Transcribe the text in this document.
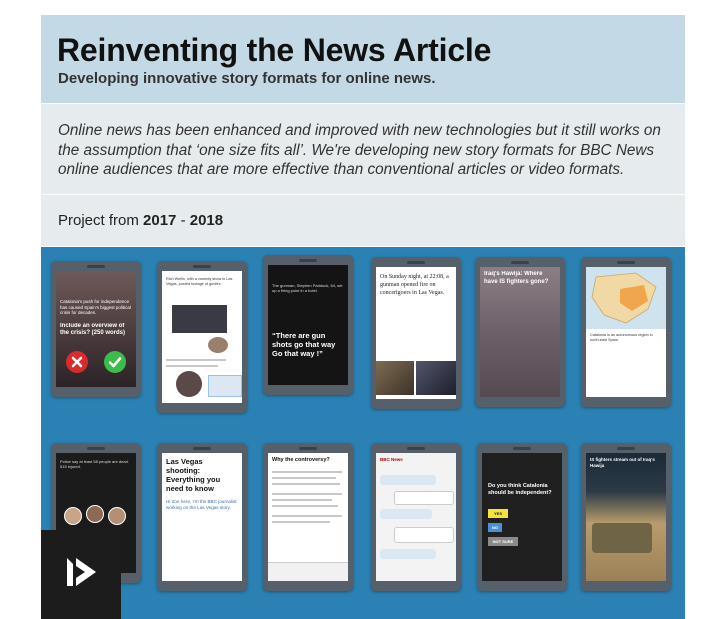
Reinventing the News Article
Developing innovative story formats for online news.

Online news has been enhanced and improved with new technologies but it still works on the assumption that ‘one size fits all’. We're developing new story formats for BBC News online audiences that are more effective than conventional articles or video formats.

Project from 2017 - 2018
Catalonia's push for independence has caused Spain's biggest political crisis for decades.
Include an overview of the crisis? (250 words)
Rich Wellin, with a comedy show in Las Vegas, posted footage of gunfire.	The gunman, Stephen Paddock, 64, set up a firing point in a hotel.
“There are gun shots go that way Go that way !”
On Sunday night, at 22:08, a gunman opened fire on concertgoers in Las Vegas.
Iraq's Hawija: Where have IS fighters gone?
Catalonia is an autonomous region in north-east Spain.
Police say at least 58 people are dead. 515 injured.
Las Vegas shooting: Everything you need to know
Hi Zoe here, I'm the BBC journalist working on the Las Vegas story.
Why the controversy?	BBC News
Do you think Catalonia should be independent?
YES
NO
NOT SURE
IS fighters stream out of Iraq's Hawija
